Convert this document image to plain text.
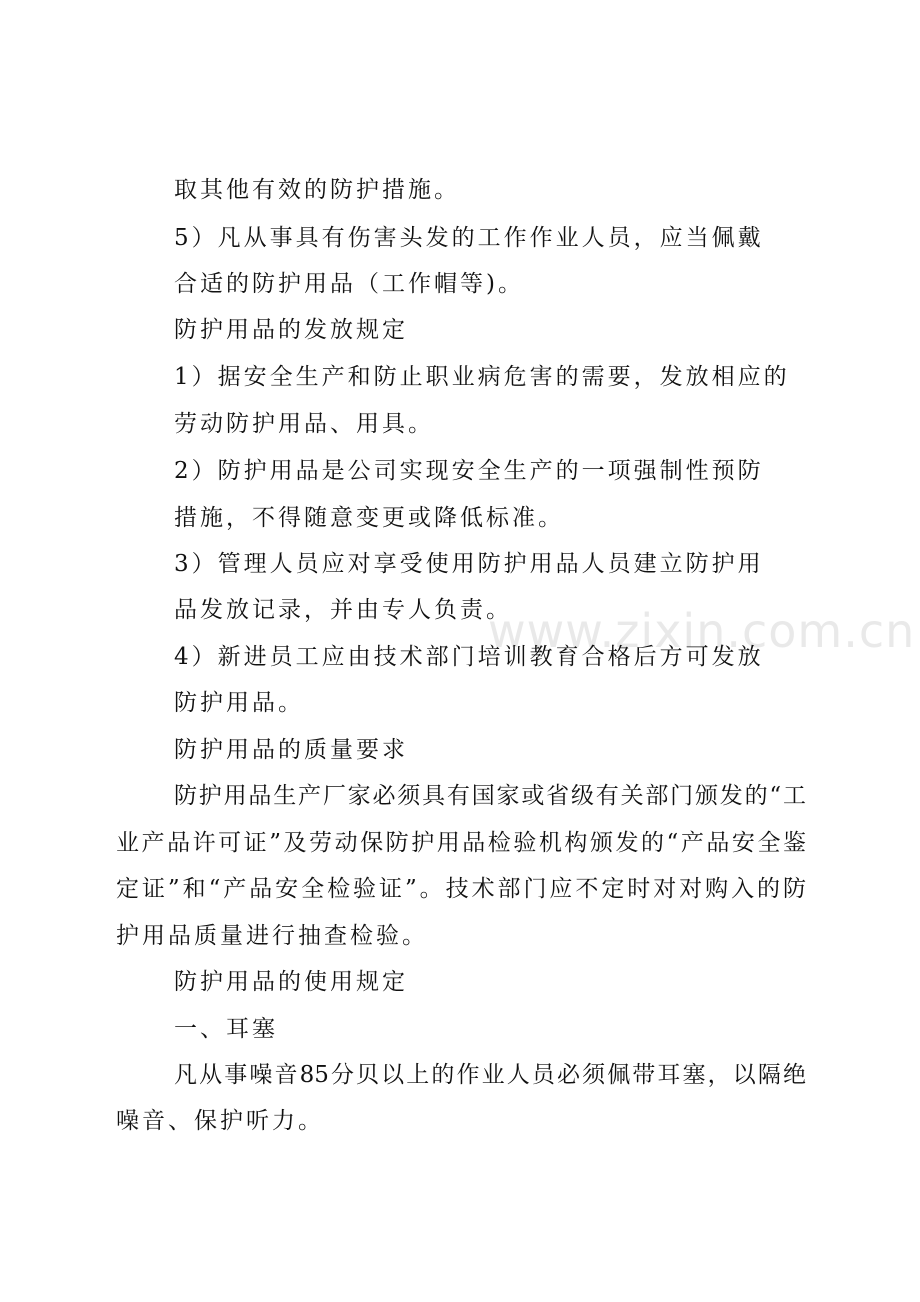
www.zixin.com.cn
取其他有效的防护措施。
5）凡从事具有伤害头发的工作作业人员，应当佩戴
合适的防护用品（工作帽等)。
防护用品的发放规定
1）据安全生产和防止职业病危害的需要，发放相应的
劳动防护用品、用具。
2）防护用品是公司实现安全生产的一项强制性预防
措施，不得随意变更或降低标准。
3）管理人员应对享受使用防护用品人员建立防护用
品发放记录，并由专人负责。
4）新进员工应由技术部门培训教育合格后方可发放
防护用品。
防护用品的质量要求
防护用品生产厂家必须具有国家或省级有关部门颁发的“工
业产品许可证”及劳动保防护用品检验机构颁发的“产品安全鉴
定证”和“产品安全检验证”。技术部门应不定时对对购入的防
护用品质量进行抽查检验。
防护用品的使用规定
一、耳塞
凡从事噪音85分贝以上的作业人员必须佩带耳塞，以隔绝
噪音、保护听力。
